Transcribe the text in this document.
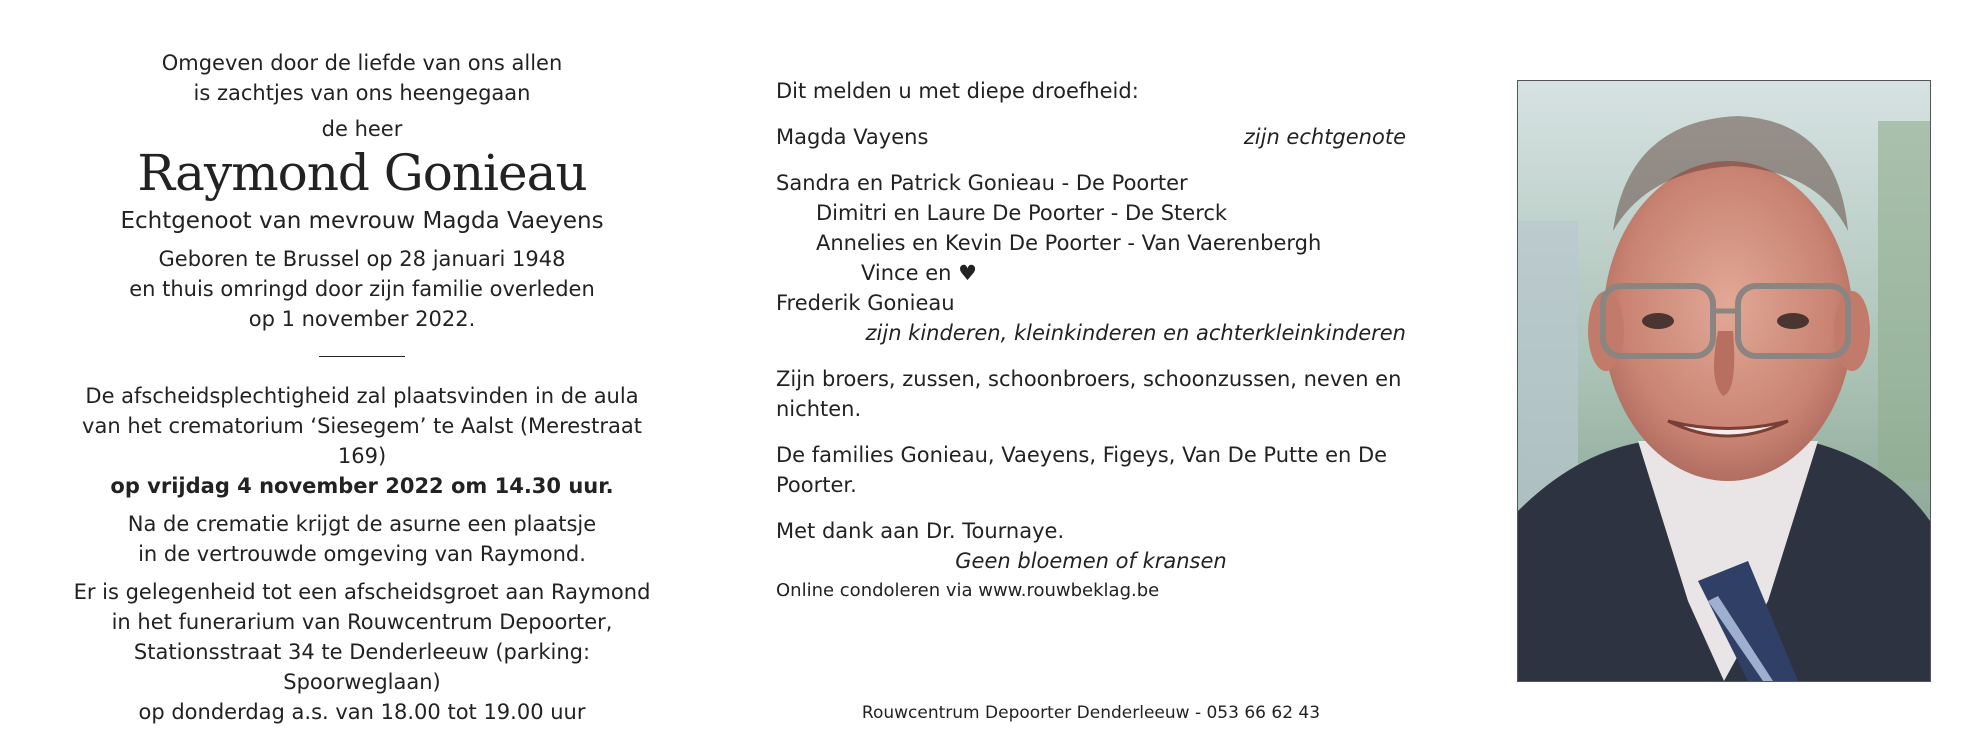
Omgeven door de liefde van ons allen

is zachtjes van ons heengegaan

de heer

Raymond Gonieau

Echtgenoot van mevrouw Magda Vaeyens

Geboren te Brussel op 28 januari 1948

en thuis omringd door zijn familie overleden

op 1 november 2022.

De afscheidsplechtigheid zal plaatsvinden in de aula

van het crematorium ‘Siesegem’ te Aalst (Merestraat 169)

op vrijdag 4 november 2022 om 14.30 uur.

Na de crematie krijgt de asurne een plaatsje

in de vertrouwde omgeving van Raymond.

Er is gelegenheid tot een afscheidsgroet aan Raymond

in het funerarium van Rouwcentrum Depoorter,

Stationsstraat 34 te Denderleeuw (parking: Spoorweglaan)

op donderdag a.s. van 18.00 tot 19.00 uur

Dit melden u met diepe droefheid:

Magda Vayens	zijn echtgenote

Sandra en Patrick Gonieau - De Poorter

Dimitri en Laure De Poorter - De Sterck

Annelies en Kevin De Poorter - Van Vaerenbergh

Vince en ♥

Frederik Gonieau

zijn kinderen, kleinkinderen en achterkleinkinderen

Zijn broers, zussen, schoonbroers, schoonzussen, neven en nichten.

De families Gonieau, Vaeyens, Figeys, Van De Putte en De Poorter.

Met dank aan Dr. Tournaye.

Geen bloemen of kransen

Online condoleren via www.rouwbeklag.be

Rouwcentrum Depoorter Denderleeuw - 053 66 62 43
